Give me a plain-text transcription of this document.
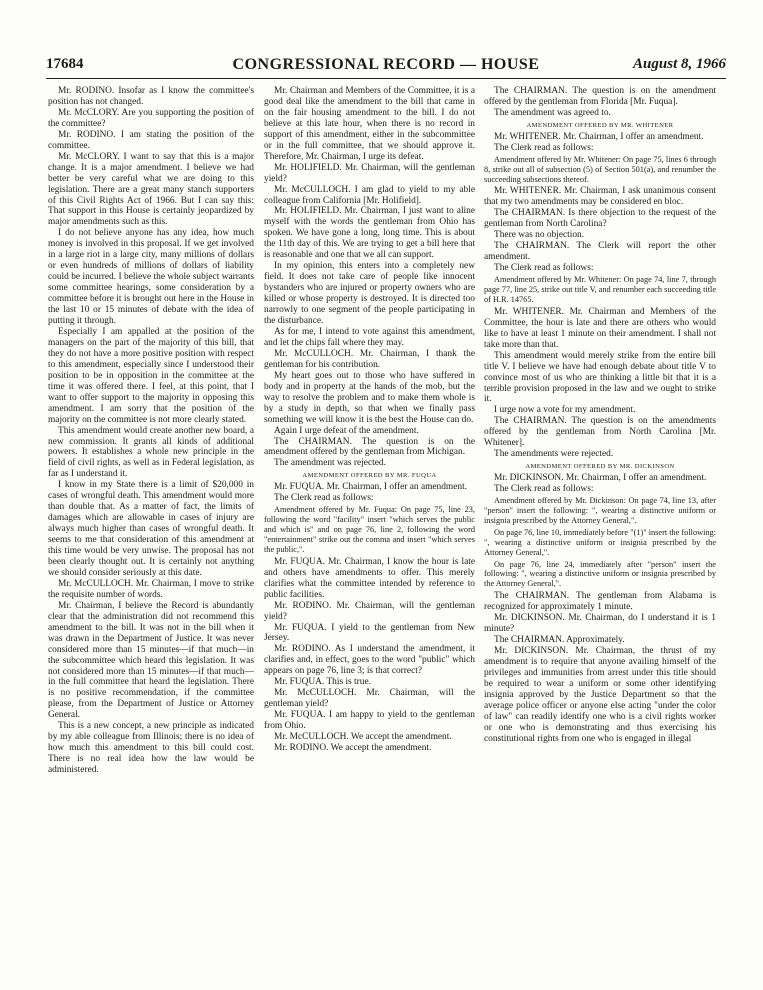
17684	CONGRESSIONAL RECORD — HOUSE	August 8, 1966

Mr. RODINO. Insofar as I know the committee's position has not changed.

Mr. McCLORY. Are you supporting the position of the committee?

Mr. RODINO. I am stating the position of the committee.

Mr. McCLORY. I want to say that this is a major change. It is a major amendment. I believe we had better be very careful what we are doing to this legislation. There are a great many stanch supporters of this Civil Rights Act of 1966. But I can say this: That support in this House is certainly jeopardized by major amendments such as this.

I do not believe anyone has any idea, how much money is involved in this proposal. If we get involved in a large riot in a large city, many millions of dollars or even hundreds of millions of dollars of liability could be incurred. I believe the whole subject warrants some committee hearings, some consideration by a committee before it is brought out here in the House in the last 10 or 15 minutes of debate with the idea of putting it through.

Especially I am appalled at the position of the managers on the part of the majority of this bill, that they do not have a more positive position with respect to this amendment, especially since I understood their position to be in opposition in the committee at the time it was offered there. I feel, at this point, that I want to offer support to the majority in opposing this amendment. I am sorry that the position of the majority on the committee is not more clearly stated.

This amendment would create another new board, a new commission. It grants all kinds of additional powers. It establishes a whole new principle in the field of civil rights, as well as in Federal legislation, as far as I understand it.

I know in my State there is a limit of $20,000 in cases of wrongful death. This amendment would more than double that. As a matter of fact, the limits of damages which are allowable in cases of injury are always much higher than cases of wrongful death. It seems to me that consideration of this amendment at this time would be very unwise. The proposal has not been clearly thought out. It is certainly not anything we should consider seriously at this date.

Mr. McCULLOCH. Mr. Chairman, I move to strike the requisite number of words.

Mr. Chairman, I believe the Record is abundantly clear that the administration did not recommend this amendment to the bill. It was not in the bill when it was drawn in the Department of Justice. It was never considered more than 15 minutes—if that much—in the subcommittee which heard this legislation. It was not considered more than 15 minutes—if that much—in the full committee that heard the legislation. There is no positive recommendation, if the committee please, from the Department of Justice or Attorney General.

This is a new concept, a new principle as indicated by my able colleague from Illinois; there is no idea of how much this amendment to this bill could cost. There is no real idea how the law would be administered.

Mr. Chairman and Members of the Committee, it is a good deal like the amendment to the bill that came in on the fair housing amendment to the bill. I do not believe at this late hour, when there is no record in support of this amendment, either in the subcommittee or in the full committee, that we should approve it. Therefore, Mr. Chairman, I urge its defeat.

Mr. HOLIFIELD. Mr. Chairman, will the gentleman yield?

Mr. McCULLOCH. I am glad to yield to my able colleague from California [Mr. Holifield].

Mr. HOLIFIELD. Mr. Chairman, I just want to aline myself with the words the gentleman from Ohio has spoken. We have gone a long, long time. This is about the 11th day of this. We are trying to get a bill here that is reasonable and one that we all can support.

In my opinion, this enters into a completely new field. It does not take care of people like innocent bystanders who are injured or property owners who are killed or whose property is destroyed. It is directed too narrowly to one segment of the people participating in the disturbance.

As for me, I intend to vote against this amendment, and let the chips fall where they may.

Mr. McCULLOCH. Mr. Chairman, I thank the gentleman for his contribution.

My heart goes out to those who have suffered in body and in property at the hands of the mob, but the way to resolve the problem and to make them whole is by a study in depth, so that when we finally pass something we will know it is the best the House can do.

Again I urge defeat of the amendment.

The CHAIRMAN. The question is on the amendment offered by the gentleman from Michigan.

The amendment was rejected.

AMENDMENT OFFERED BY MR. FUQUA

Mr. FUQUA. Mr. Chairman, I offer an amendment.

The Clerk read as follows:

Amendment offered by Mr. Fuqua: On page 75, line 23, following the word "facility" insert "which serves the public and which is" and on page 76, line 2, following the word "entertainment" strike out the comma and insert "which serves the public,".

Mr. FUQUA. Mr. Chairman, I know the hour is late and others have amendments to offer. This merely clarifies what the committee intended by reference to public facilities.

Mr. RODINO. Mr. Chairman, will the gentleman yield?

Mr. FUQUA. I yield to the gentleman from New Jersey.

Mr. RODINO. As I understand the amendment, it clarifies and, in effect, goes to the word "public" which appears on page 76, line 3; is that correct?

Mr. FUQUA. This is true.

Mr. McCULLOCH. Mr. Chairman, will the gentleman yield?

Mr. FUQUA. I am happy to yield to the gentleman from Ohio.

Mr. McCULLOCH. We accept the amendment.

Mr. RODINO. We accept the amendment.

The CHAIRMAN. The question is on the amendment offered by the gentleman from Florida [Mr. Fuqua].

The amendment was agreed to.

AMENDMENT OFFERED BY MR. WHITENER

Mr. WHITENER. Mr. Chairman, I offer an amendment.

The Clerk read as follows:

Amendment offered by Mr. Whitener: On page 75, lines 6 through 8, strike out all of subsection (5) of Section 501(a), and renumber the succeeding subsections thereof.

Mr. WHITENER. Mr. Chairman, I ask unanimous consent that my two amendments may be considered en bloc.

The CHAIRMAN. Is there objection to the request of the gentleman from North Carolina?

There was no objection.

The CHAIRMAN. The Clerk will report the other amendment.

The Clerk read as follows:

Amendment offered by Mr. Whitener: On page 74, line 7, through page 77, line 25, strike out title V, and renumber each succeeding title of H.R. 14765.

Mr. WHITENER. Mr. Chairman and Members of the Committee, the hour is late and there are others who would like to have at least 1 minute on their amendment. I shall not take more than that.

This amendment would merely strike from the entire bill title V. I believe we have had enough debate about title V to convince most of us who are thinking a little bit that it is a terrible provision proposed in the law and we ought to strike it.

I urge now a vote for my amendment.

The CHAIRMAN. The question is on the amendments offered by the gentleman from North Carolina [Mr. Whitener].

The amendments were rejected.

AMENDMENT OFFERED BY MR. DICKINSON

Mr. DICKINSON. Mr. Chairman, I offer an amendment.

The Clerk read as follows:

Amendment offered by Mr. Dickinson: On page 74, line 13, after "person" insert the following: ", wearing a distinctive uniform or insignia prescribed by the Attorney General,".

On page 76, line 10, immediately before "(1)" insert the following: ", wearing a distinctive uniform or insignia prescribed by the Attorney General,".

On page 76, line 24, immediately after "person" insert the following: ", wearing a distinctive uniform or insignia prescribed by the Attorney General,".

The CHAIRMAN. The gentleman from Alabama is recognized for approximately 1 minute.

Mr. DICKINSON. Mr. Chairman, do I understand it is 1 minute?

The CHAIRMAN. Approximately.

Mr. DICKINSON. Mr. Chairman, the thrust of my amendment is to require that anyone availing himself of the privileges and immunities from arrest under this title should be required to wear a uniform or some other identifying insignia approved by the Justice Department so that the average police officer or anyone else acting "under the color of law" can readily identify one who is a civil rights worker or one who is demonstrating and thus exercising his constitutional rights from one who is engaged in illegal
